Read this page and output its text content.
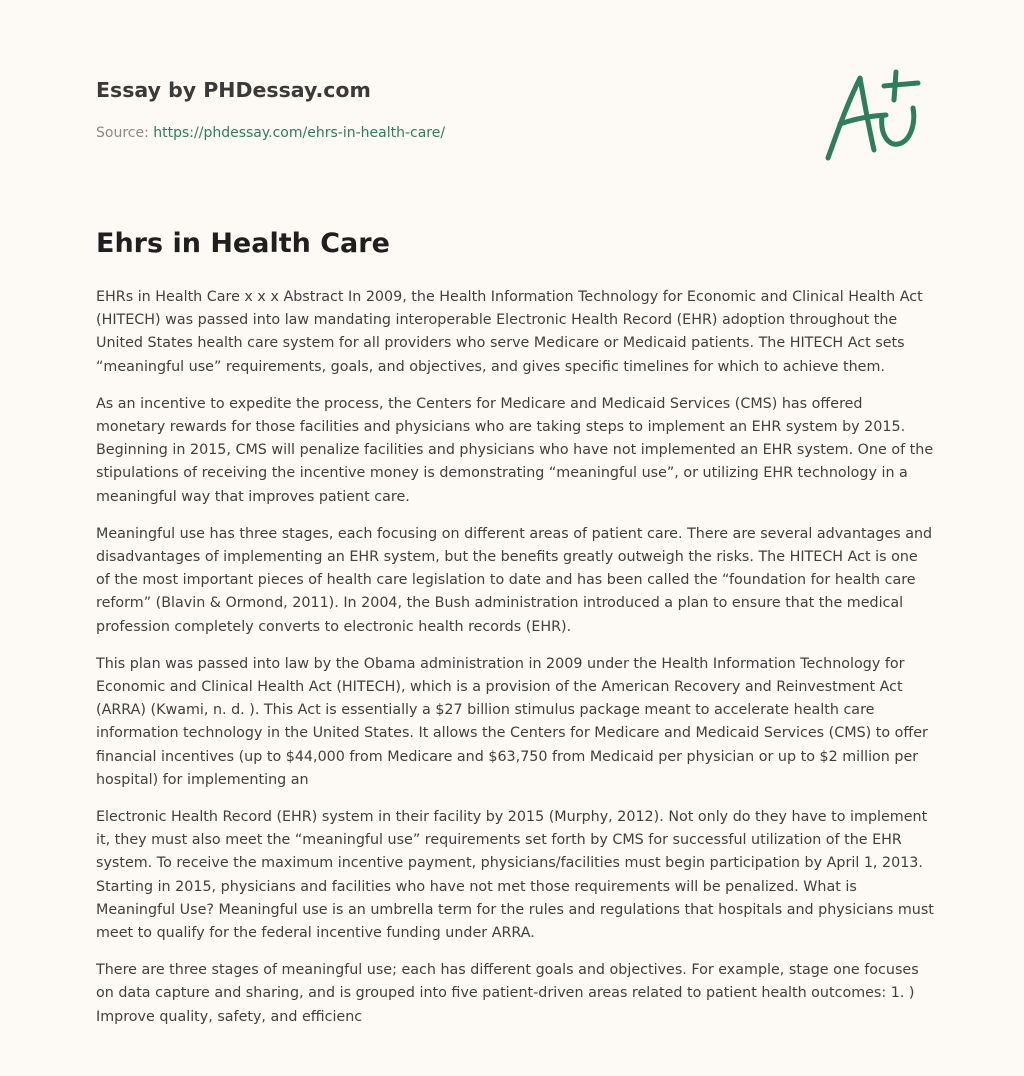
Essay by PHDessay.com
Source: https://phdessay.com/ehrs-in-health-care/
Ehrs in Health Care

EHRs in Health Care x x x Abstract In 2009, the Health Information Technology for Economic and Clinical Health Act (HITECH) was passed into law mandating interoperable Electronic Health Record (EHR) adoption throughout the United States health care system for all providers who serve Medicare or Medicaid patients. The HITECH Act sets “meaningful use” requirements, goals, and objectives, and gives specific timelines for which to achieve them.

As an incentive to expedite the process, the Centers for Medicare and Medicaid Services (CMS) has offered monetary rewards for those facilities and physicians who are taking steps to implement an EHR system by 2015. Beginning in 2015, CMS will penalize facilities and physicians who have not implemented an EHR system. One of the stipulations of receiving the incentive money is demonstrating “meaningful use”, or utilizing EHR technology in a meaningful way that improves patient care.

Meaningful use has three stages, each focusing on different areas of patient care. There are several advantages and disadvantages of implementing an EHR system, but the benefits greatly outweigh the risks. The HITECH Act is one of the most important pieces of health care legislation to date and has been called the “foundation for health care reform” (Blavin & Ormond, 2011). In 2004, the Bush administration introduced a plan to ensure that the medical profession completely converts to electronic health records (EHR).

This plan was passed into law by the Obama administration in 2009 under the Health Information Technology for Economic and Clinical Health Act (HITECH), which is a provision of the American Recovery and Reinvestment Act (ARRA) (Kwami, n. d. ). This Act is essentially a $27 billion stimulus package meant to accelerate health care information technology in the United States. It allows the Centers for Medicare and Medicaid Services (CMS) to offer financial incentives (up to $44,000 from Medicare and $63,750 from Medicaid per physician or up to $2 million per hospital) for implementing an

Electronic Health Record (EHR) system in their facility by 2015 (Murphy, 2012). Not only do they have to implement it, they must also meet the “meaningful use” requirements set forth by CMS for successful utilization of the EHR system. To receive the maximum incentive payment, physicians/facilities must begin participation by April 1, 2013. Starting in 2015, physicians and facilities who have not met those requirements will be penalized. What is Meaningful Use? Meaningful use is an umbrella term for the rules and regulations that hospitals and physicians must meet to qualify for the federal incentive funding under ARRA.

There are three stages of meaningful use; each has different goals and objectives. For example, stage one focuses on data capture and sharing, and is grouped into five patient-driven areas related to patient health outcomes: 1. ) Improve quality, safety, and efficienc
